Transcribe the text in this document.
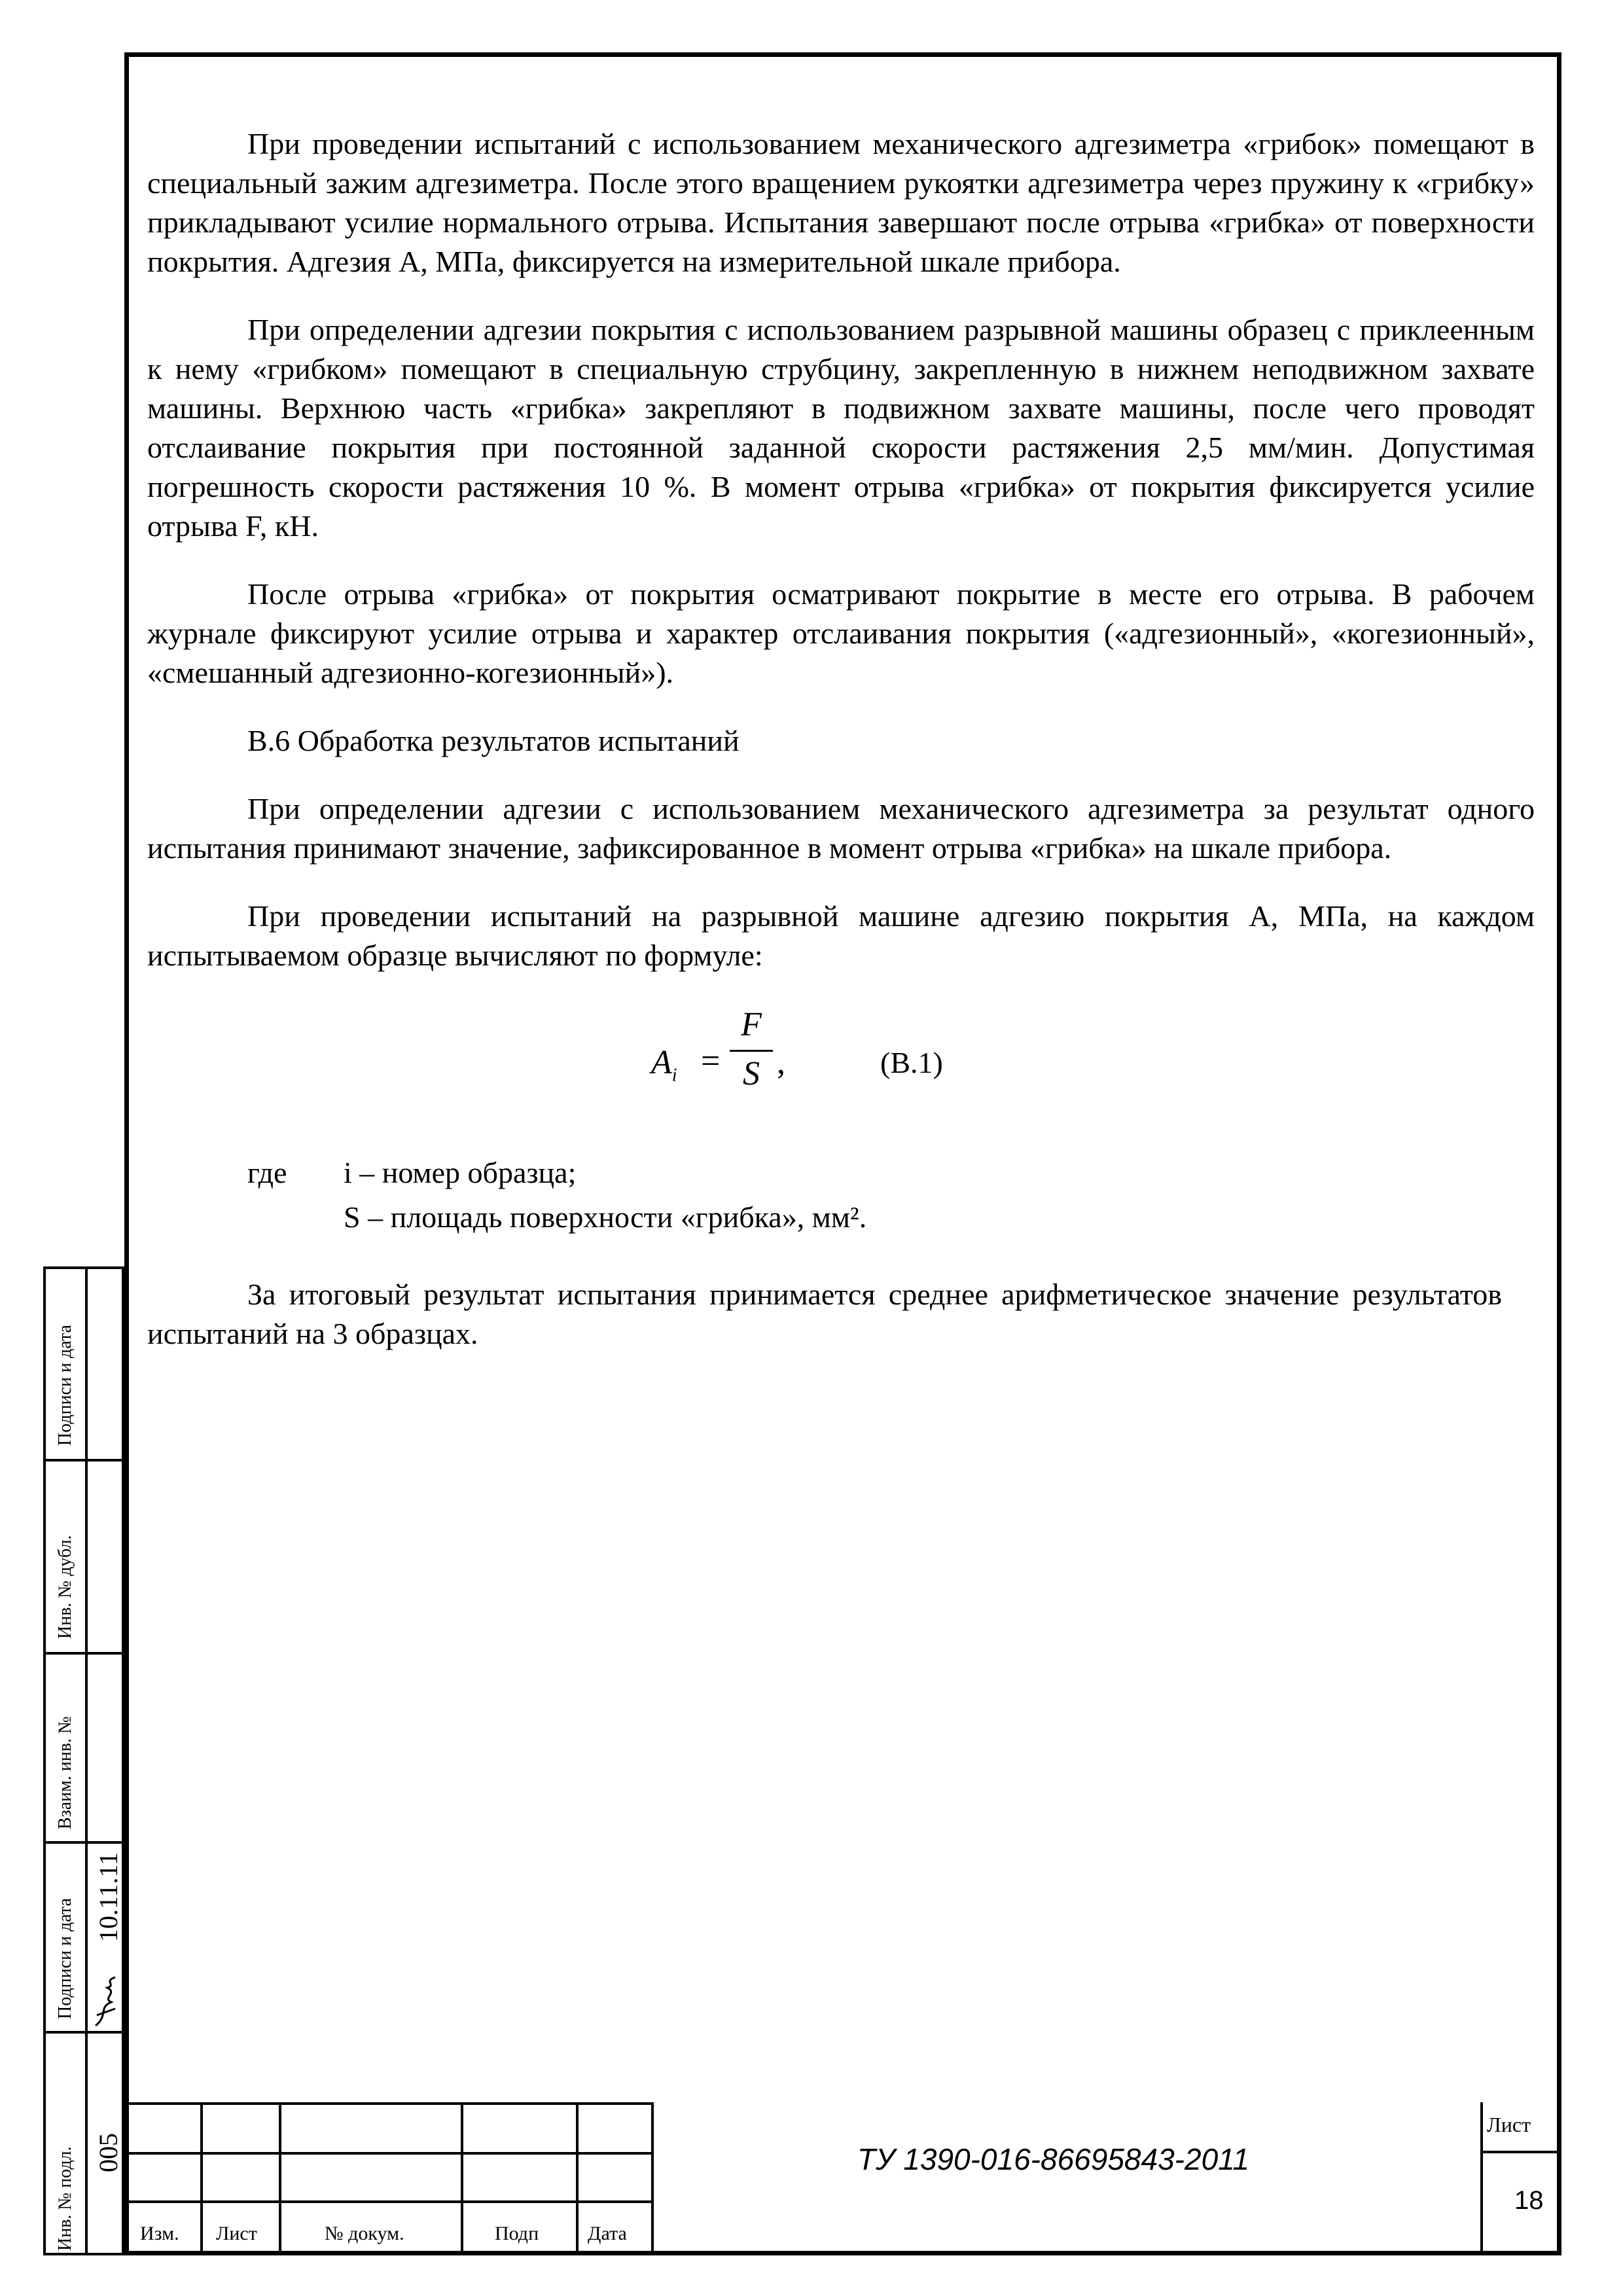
При проведении испытаний с использованием механического адгезиметра «грибок» помещают в специальный зажим адгезиметра. После этого вращением рукоятки адгезиметра через пружину к «грибку» прикладывают усилие нормального отрыва. Испытания завершают после отрыва «грибка» от поверхности покрытия. Адгезия А, МПа, фиксируется на измерительной шкале прибора.

При определении адгезии покрытия с использованием разрывной машины образец с приклеенным к нему «грибком» помещают в специальную струбцину, закрепленную в нижнем неподвижном захвате машины. Верхнюю часть «грибка» закрепляют в подвижном захвате машины, после чего проводят отслаивание покрытия при постоянной заданной скорости растяжения 2,5 мм/мин. Допустимая погрешность скорости растяжения 10 %. В момент отрыва «грибка» от покрытия фиксируется усилие отрыва F, кН.

После отрыва «грибка» от покрытия осматривают покрытие в месте его отрыва. В рабочем журнале фиксируют усилие отрыва и характер отслаивания покрытия («адгезионный», «когезионный», «смешанный адгезионно-когезионный»).

В.6 Обработка результатов испытаний

При определении адгезии с использованием механического адгезиметра за результат одного испытания принимают значение, зафиксированное в момент отрыва «грибка» на шкале прибора.

При проведении испытаний на разрывной машине адгезию покрытия А, МПа, на каждом испытываемом образце вычисляют по формуле:

$A_i$ =
F
S ,	(В.1)
где i – номер образца;
S – площадь поверхности «грибка», мм².

За итоговый результат испытания принимается среднее арифметическое значение результатов испытаний на 3 образцах.

Подписи и дата
Инв. № дубл.
Взаим. инв. №
Подписи и дата
10.11.11
Инв. № подл. 005
Изм. Лист	№ докум.	Подп Дата
ТУ 1390-016-86695843-2011
Лист
18
